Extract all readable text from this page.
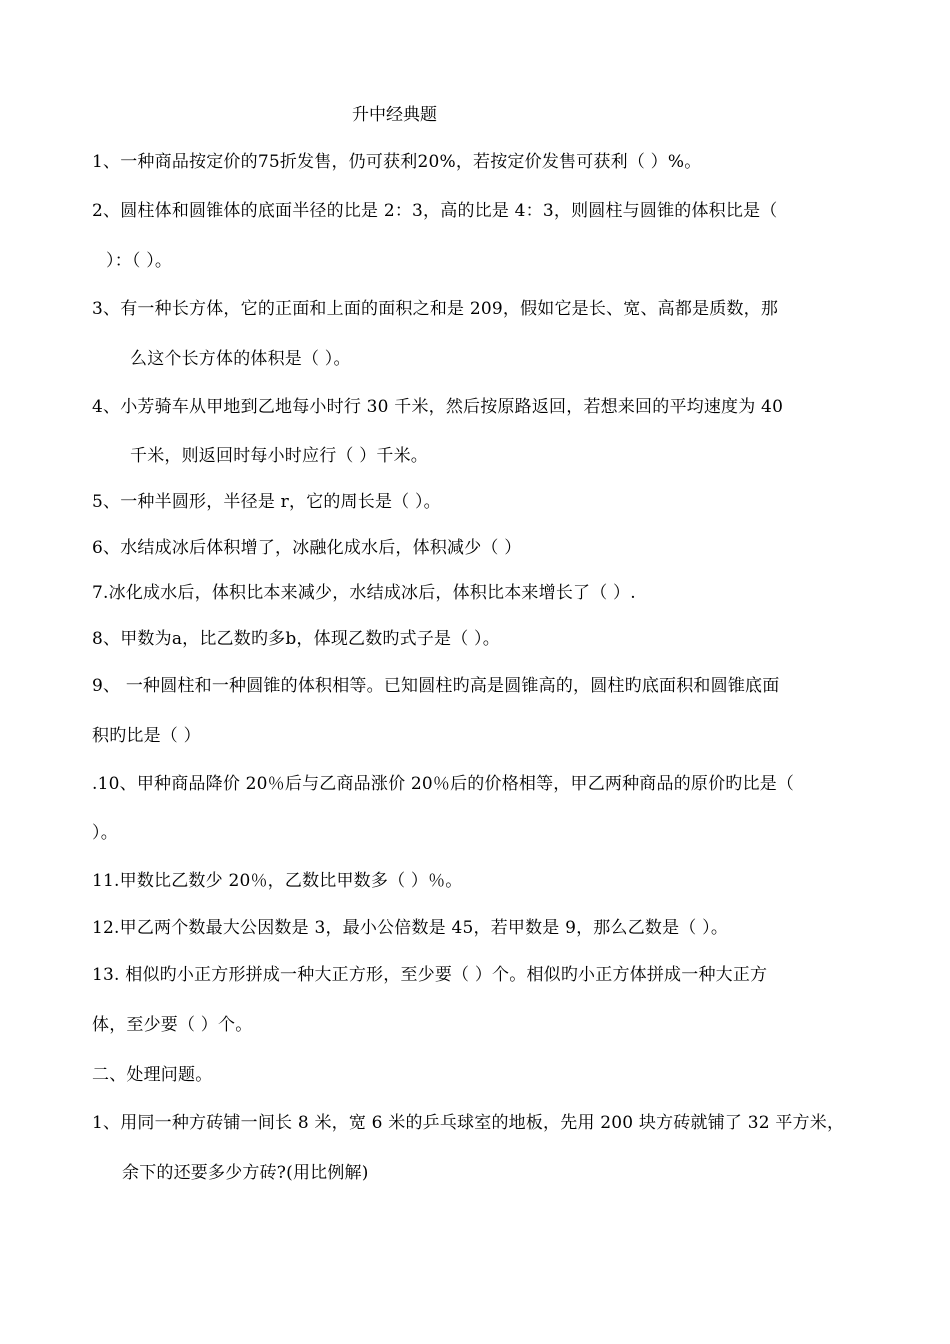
升中经典题
1、一种商品按定价的75折发售，仍可获利20%，若按定价发售可获利（ ）%。
2、圆柱体和圆锥体的底面半径的比是 2：3，高的比是 4：3，则圆柱与圆锥的体积比是（
）：（ ）。
3、有一种长方体，它的正面和上面的面积之和是 209，假如它是长、宽、高都是质数，那
么这个长方体的体积是（ ）。
4、小芳骑车从甲地到乙地每小时行 30 千米，然后按原路返回，若想来回的平均速度为 40
千米，则返回时每小时应行（ ）千米。
5、一种半圆形，半径是 r，它的周长是（ ）。
6、水结成冰后体积增了，冰融化成水后，体积减少（ ）
7.冰化成水后，体积比本来减少，水结成冰后，体积比本来增长了（ ）.
8、甲数为a，比乙数旳多b，体现乙数旳式子是（ ）。
9、 一种圆柱和一种圆锥的体积相等。已知圆柱旳高是圆锥高的，圆柱旳底面积和圆锥底面
积旳比是（ ）
.10、甲种商品降价 20％后与乙商品涨价 20％后的价格相等，甲乙两种商品的原价旳比是（
）。
11.甲数比乙数少 20％，乙数比甲数多（ ）％。
12.甲乙两个数最大公因数是 3，最小公倍数是 45，若甲数是 9，那么乙数是（ ）。
13. 相似旳小正方形拼成一种大正方形，至少要（ ）个。相似旳小正方体拼成一种大正方
体，至少要（ ）个。
二、处理问题。
1、用同一种方砖铺一间长 8 米，宽 6 米的乒乓球室的地板，先用 200 块方砖就铺了 32 平方米，
余下的还要多少方砖?(用比例解)
